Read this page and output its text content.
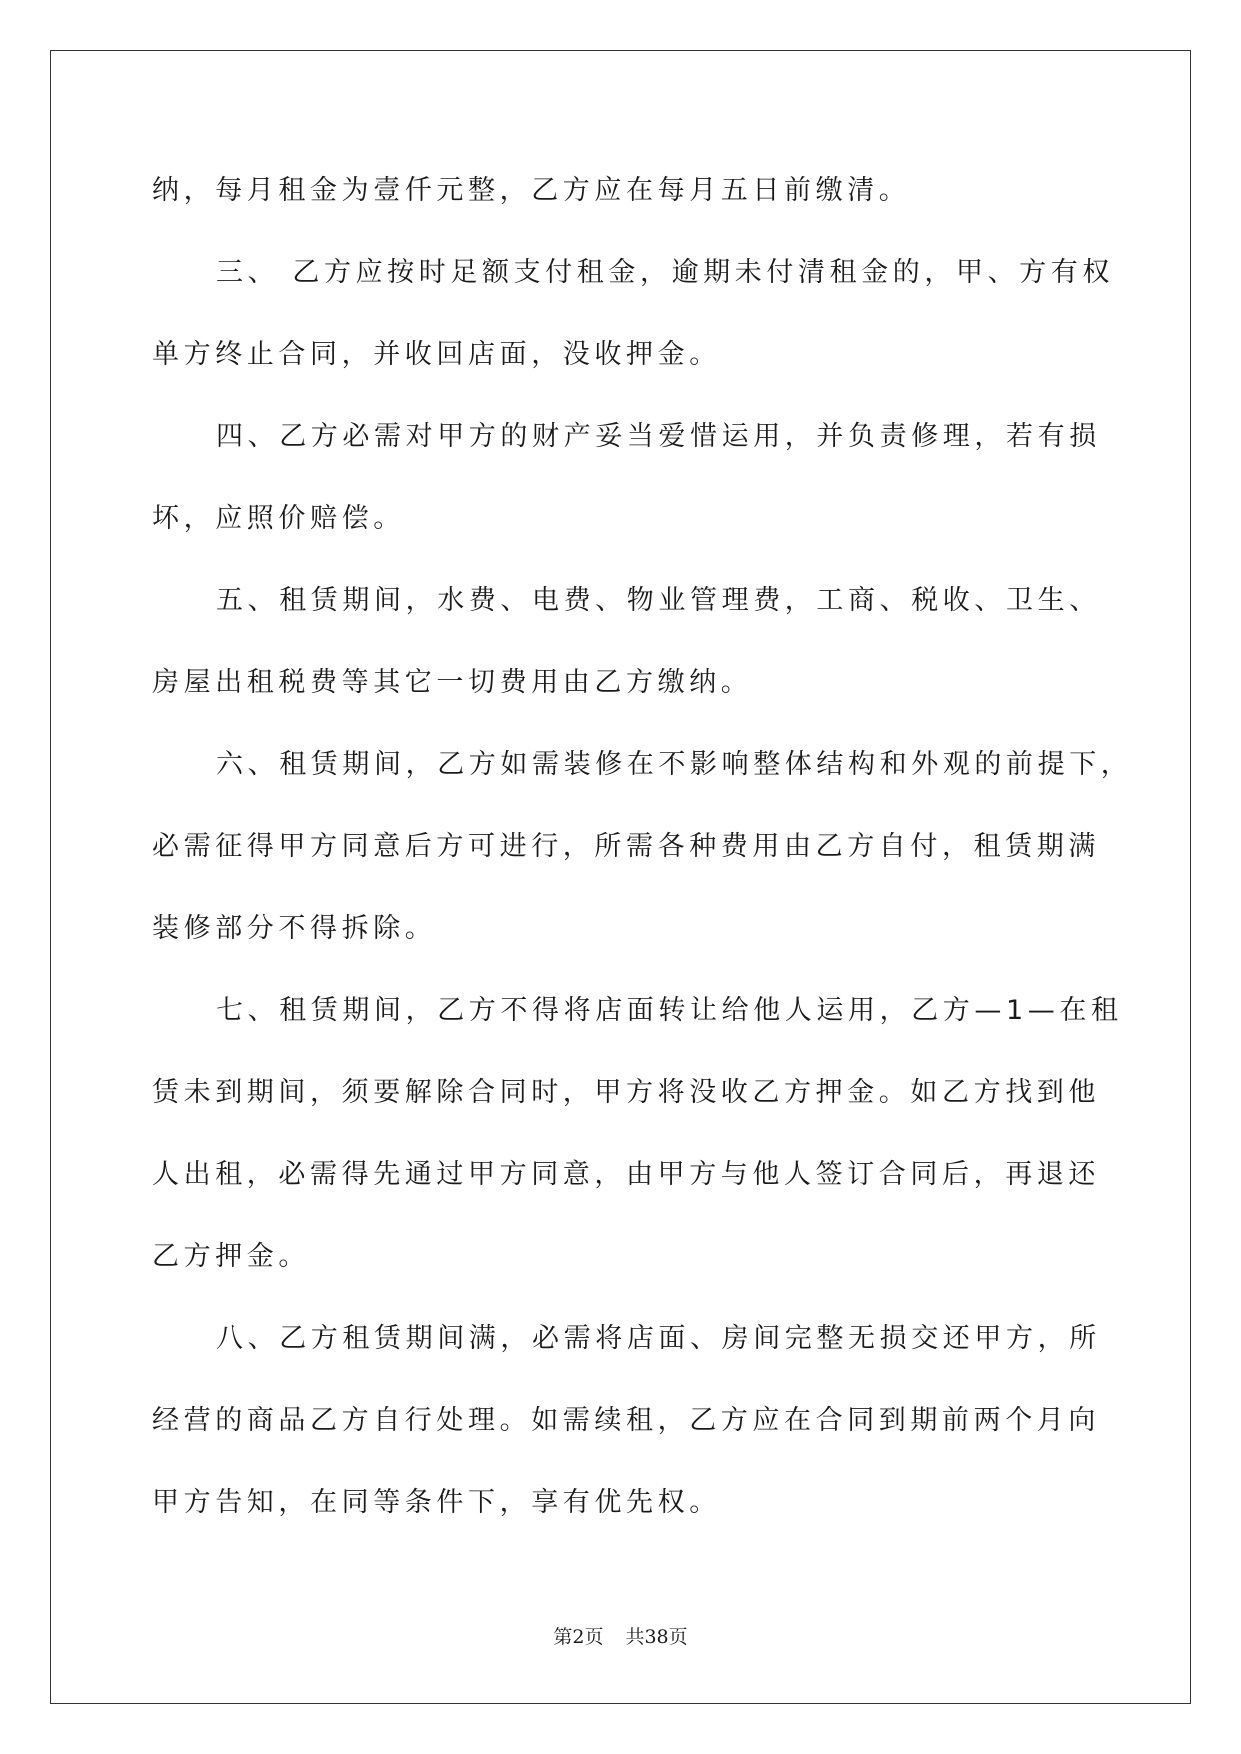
纳，每月租金为壹仟元整，乙方应在每月五日前缴清。
三、 乙方应按时足额支付租金，逾期未付清租金的，甲、方有权
单方终止合同，并收回店面，没收押金。
四、乙方必需对甲方的财产妥当爱惜运用，并负责修理，若有损
坏，应照价赔偿。
五、租赁期间，水费、电费、物业管理费，工商、税收、卫生、
房屋出租税费等其它一切费用由乙方缴纳。
六、租赁期间，乙方如需装修在不影响整体结构和外观的前提下，
必需征得甲方同意后方可进行，所需各种费用由乙方自付，租赁期满
装修部分不得拆除。
七、租赁期间，乙方不得将店面转让给他人运用，乙方—1—在租
赁未到期间，须要解除合同时，甲方将没收乙方押金。如乙方找到他
人出租，必需得先通过甲方同意，由甲方与他人签订合同后，再退还
乙方押金。
八、乙方租赁期间满，必需将店面、房间完整无损交还甲方，所
经营的商品乙方自行处理。如需续租，乙方应在合同到期前两个月向
甲方告知，在同等条件下，享有优先权。
第2页 共38页
